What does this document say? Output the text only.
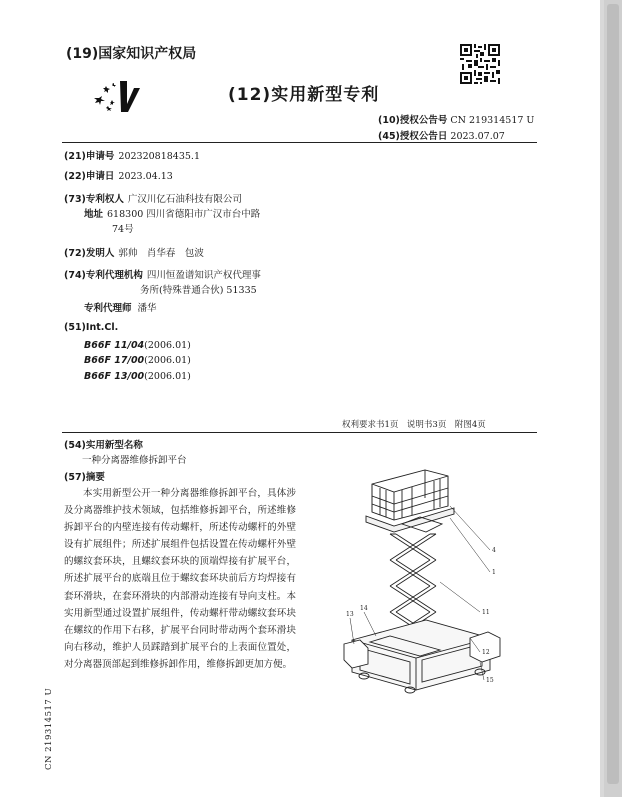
(19)国家知识产权局
(12)实用新型专利
(10)授权公告号 CN 219314517 U
(45)授权公告日 2023.07.07
(21)申请号 202320818435.1
(22)申请日 2023.04.13
(73)专利权人 广汉川亿石油科技有限公司
地址 618300 四川省德阳市广汉市台中路
74号
(72)发明人 郭帅　肖华春　包波
(74)专利代理机构 四川恒盈谱知识产权代理事
务所(特殊普通合伙) 51335
专利代理师 潘华
(51)Int.Cl.
B66F 11/04(2006.01)
B66F 17/00(2006.01)
B66F 13/00(2006.01)
权利要求书1页　说明书3页　附图4页
(54)实用新型名称
一种分离器维修拆卸平台
(57)摘要

本实用新型公开一种分离器维修拆卸平台，具体涉及分离器维护技术领域，包括维修拆卸平台，所述维修拆卸平台的内壁连接有传动螺杆，所述传动螺杆的外壁设有扩展组件；所述扩展组件包括设置在传动螺杆外壁的螺纹套环块，且螺纹套环块的顶端焊接有扩展平台，所述扩展平台的底端且位于螺纹套环块前后方均焊接有套环滑块，在套环滑块的内部滑动连接有导向支柱。本实用新型通过设置扩展组件，传动螺杆带动螺纹套环块在螺纹的作用下右移，扩展平台同时带动两个套环滑块向右移动，维护人员踩踏到扩展平台的上表面位置处，对分离器顶部起到维修拆卸作用，维修拆卸更加方便。

4
1
11
14
13
12
15
CN 219314517 U
